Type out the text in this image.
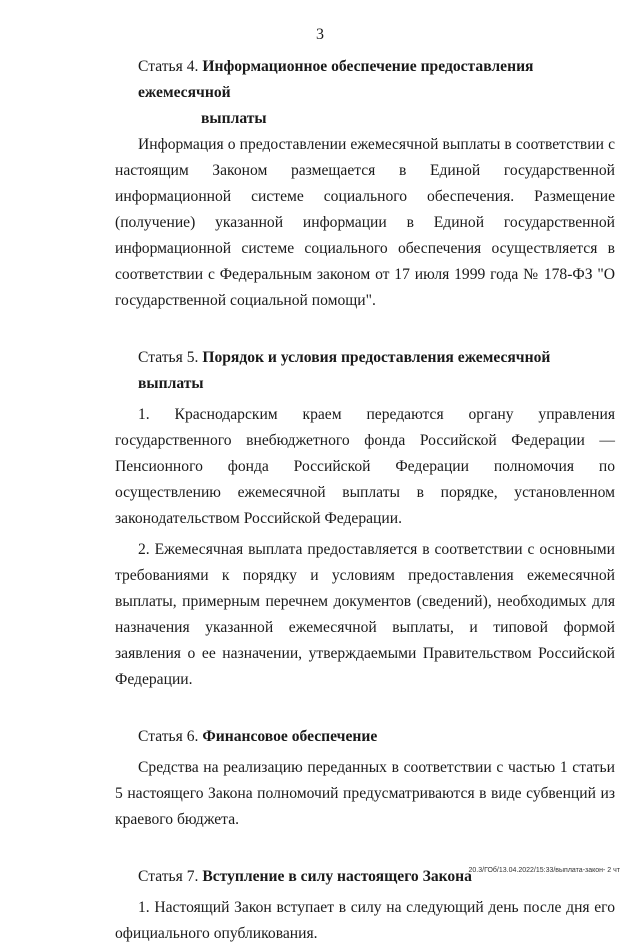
3
Статья 4. Информационное обеспечение предоставления ежемесячной
выплаты

Информация о предоставлении ежемесячной выплаты в соответствии с настоящим Законом размещается в Единой государственной информационной системе социального обеспечения. Размещение (получение) указанной информации в Единой государственной информационной системе социального обеспечения осуществляется в соответствии с Федеральным законом от 17 июля 1999 года № 178-ФЗ "О государственной социальной помощи".

Статья 5. Порядок и условия предоставления ежемесячной выплаты

1. Краснодарским краем передаются органу управления государственного внебюджетного фонда Российской Федерации — Пенсионного фонда Российской Федерации полномочия по осуществлению ежемесячной выплаты в порядке, установленном законодательством Российской Федерации.

2. Ежемесячная выплата предоставляется в соответствии с основными требованиями к порядку и условиям предоставления ежемесячной выплаты, примерным перечнем документов (сведений), необходимых для назначения указанной ежемесячной выплаты, и типовой формой заявления о ее назначении, утверждаемыми Правительством Российской Федерации.

Статья 6. Финансовое обеспечение

Средства на реализацию переданных в соответствии с частью 1 статьи 5 настоящего Закона полномочий предусматриваются в виде субвенций из краевого бюджета.

Статья 7. Вступление в силу настоящего Закона

1. Настоящий Закон вступает в силу на следующий день после дня его официального опубликования.

20.3/ГОб/13.04.2022/15:33/выплата-закон- 2 чт
